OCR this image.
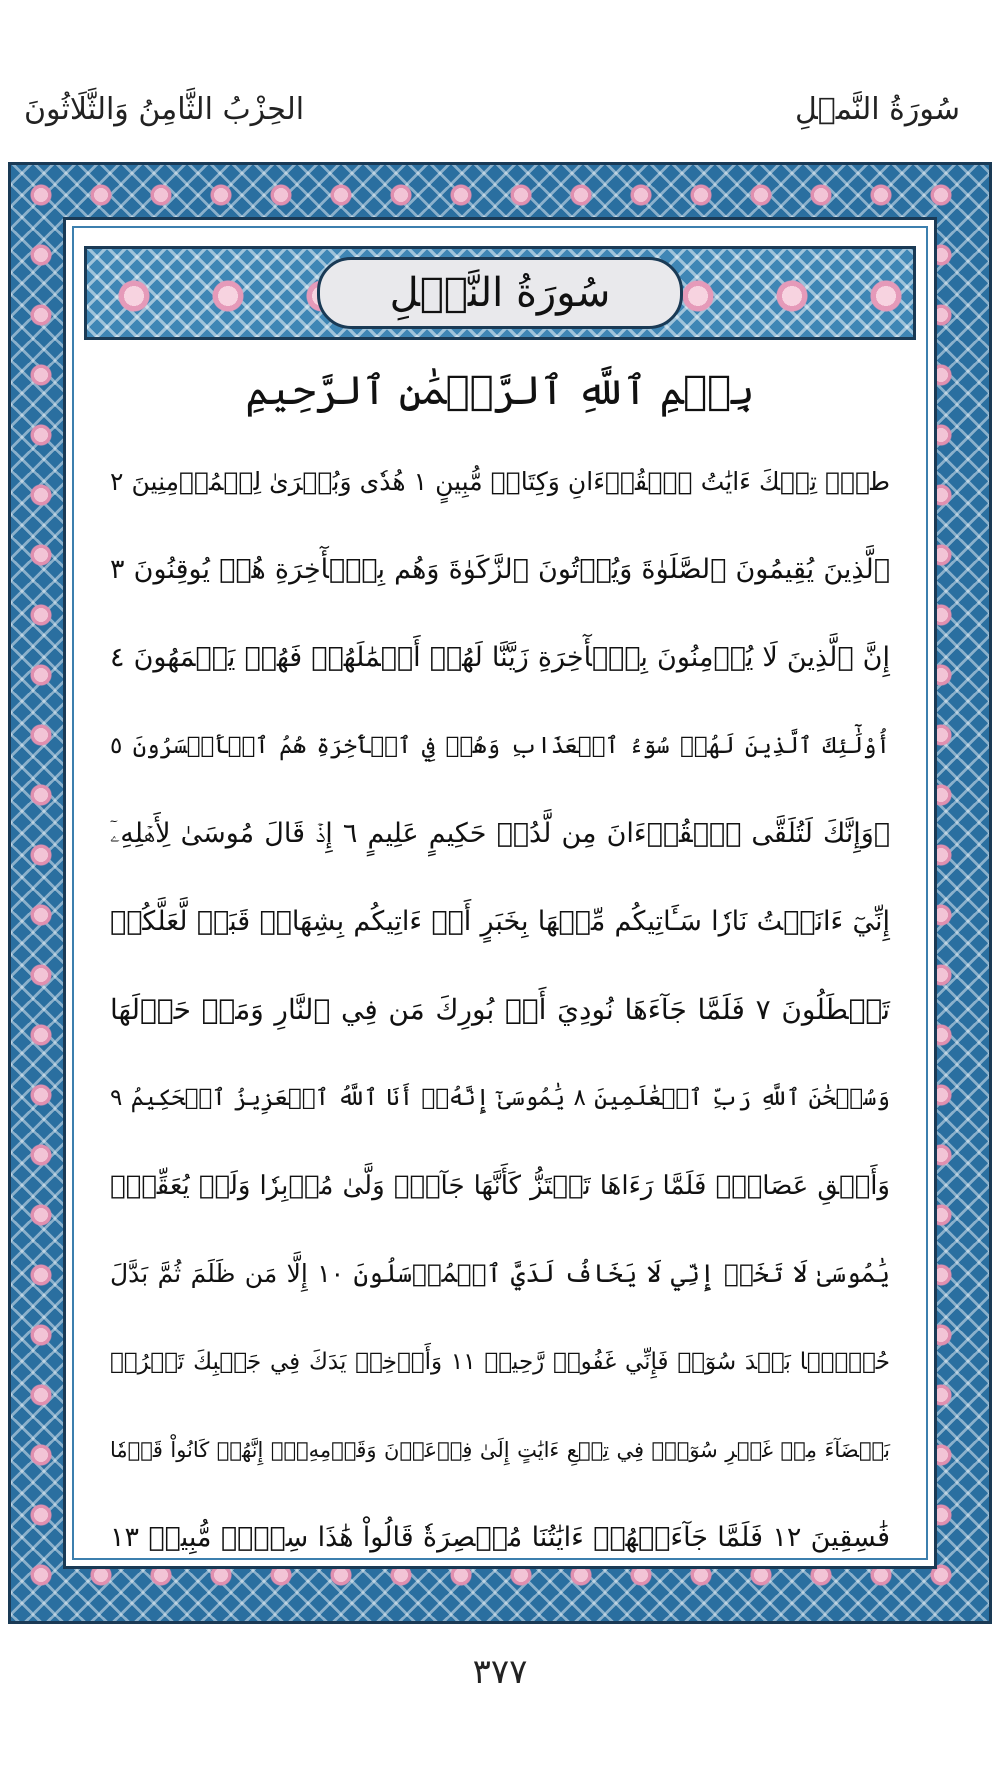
سُورَةُ النَّمۡلِ
الحِزْبُ الثَّامِنُ وَالثَّلَاثُونَ
سُورَةُ النَّمۡلِ
بِسۡمِ ٱللَّهِ ٱلرَّحۡمَٰنِ ٱلرَّحِيمِ
طسٓۚ تِلۡكَ ءَايَٰتُ ٱلۡقُرۡءَانِ وَكِتَابٖ مُّبِينٍ ١ هُدٗى وَبُشۡرَىٰ لِلۡمُؤۡمِنِينَ ٢
ٱلَّذِينَ يُقِيمُونَ ٱلصَّلَوٰةَ وَيُؤۡتُونَ ٱلزَّكَوٰةَ وَهُم بِٱلۡأٓخِرَةِ هُمۡ يُوقِنُونَ ٣
إِنَّ ٱلَّذِينَ لَا يُؤۡمِنُونَ بِٱلۡأٓخِرَةِ زَيَّنَّا لَهُمۡ أَعۡمَٰلَهُمۡ فَهُمۡ يَعۡمَهُونَ ٤
أُوْلَٰٓئِكَ ٱلَّذِينَ لَهُمۡ سُوٓءُ ٱلۡعَذَابِ وَهُمۡ فِي ٱلۡأٓخِرَةِ هُمُ ٱلۡأَخۡسَرُونَ ٥
۞وَإِنَّكَ لَتُلَقَّى ٱلۡقُرۡءَانَ مِن لَّدُنۡ حَكِيمٍ عَلِيمٍ ٦ إِذۡ قَالَ مُوسَىٰ لِأَهۡلِهِۦٓ
إِنِّيٓ ءَانَسۡتُ نَارٗا سَـَٔاتِيكُم مِّنۡهَا بِخَبَرٍ أَوۡ ءَاتِيكُم بِشِهَابٖ قَبَسٖ لَّعَلَّكُمۡ
تَصۡطَلُونَ ٧ فَلَمَّا جَآءَهَا نُودِيَ أَنۢ بُورِكَ مَن فِي ٱلنَّارِ وَمَنۡ حَوۡلَهَا
وَسُبۡحَٰنَ ٱللَّهِ رَبِّ ٱلۡعَٰلَمِينَ ٨ يَٰمُوسَىٰٓ إِنَّهُۥٓ أَنَا ٱللَّهُ ٱلۡعَزِيزُ ٱلۡحَكِيمُ ٩
وَأَلۡقِ عَصَاكَۚ فَلَمَّا رَءَاهَا تَهۡتَزُّ كَأَنَّهَا جَآنّٞ وَلَّىٰ مُدۡبِرٗا وَلَمۡ يُعَقِّبۡۚ
يَٰمُوسَىٰ لَا تَخَفۡ إِنِّي لَا يَخَافُ لَدَيَّ ٱلۡمُرۡسَلُونَ ١٠ إِلَّا مَن ظَلَمَ ثُمَّ بَدَّلَ
حُسۡنَۢا بَعۡدَ سُوٓءٖ فَإِنِّي غَفُورٞ رَّحِيمٞ ١١ وَأَدۡخِلۡ يَدَكَ فِي جَيۡبِكَ تَخۡرُجۡ
بَيۡضَآءَ مِنۡ غَيۡرِ سُوٓءٖۖ فِي تِسۡعِ ءَايَٰتٍ إِلَىٰ فِرۡعَوۡنَ وَقَوۡمِهِۦٓۚ إِنَّهُمۡ كَانُواْ قَوۡمٗا
فَٰسِقِينَ ١٢ فَلَمَّا جَآءَتۡهُمۡ ءَايَٰتُنَا مُبۡصِرَةٗ قَالُواْ هَٰذَا سِحۡرٞ مُّبِينٞ ١٣
٣٧٧
